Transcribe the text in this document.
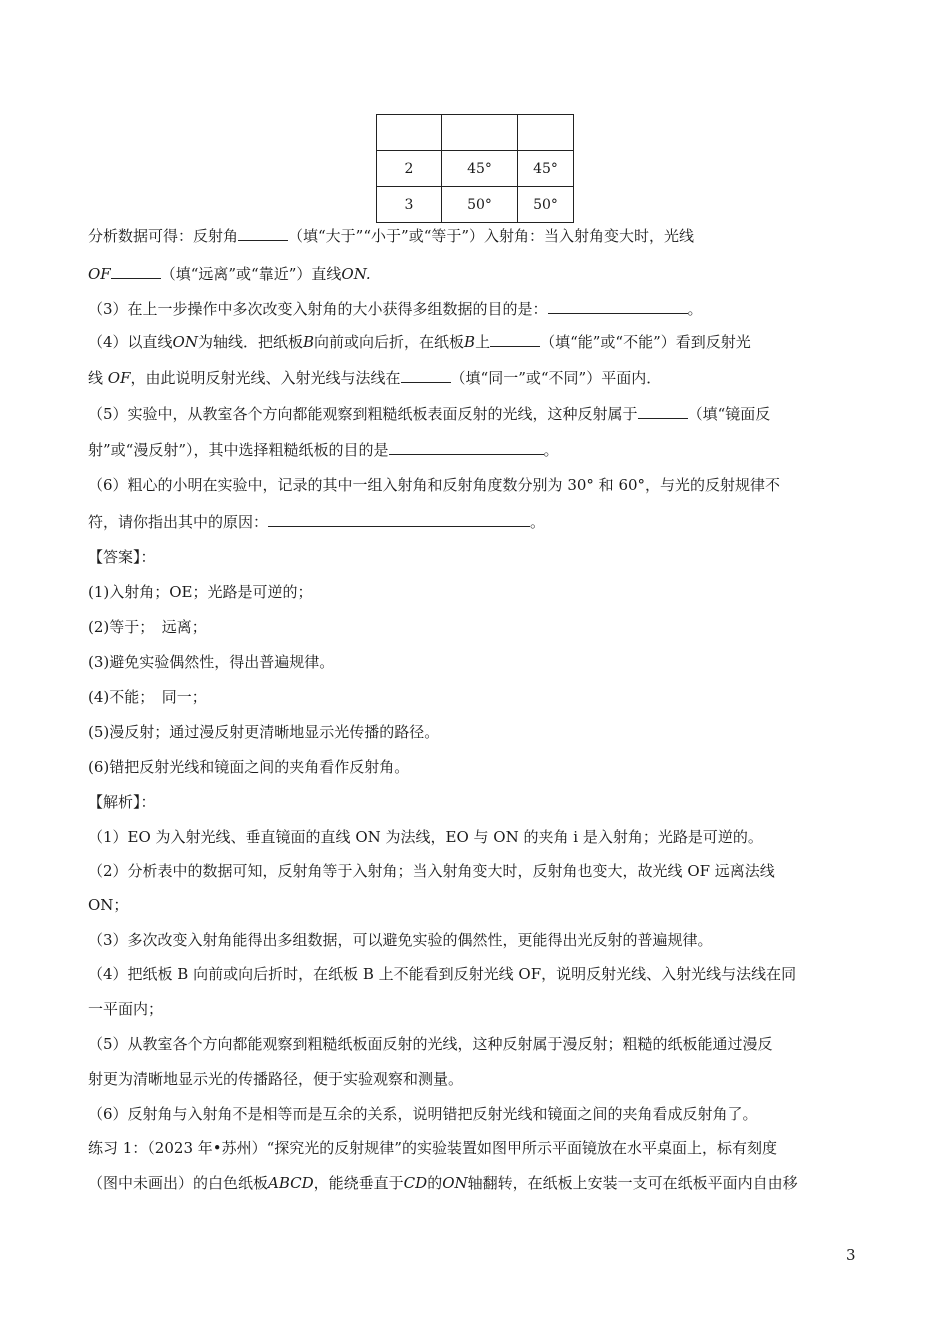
2	45°	45°
3	50°	50°
分析数据可得：反射角	（填“大于”“小于”或“等于”）入射角：当入射角变大时，光线
OF	（填“远离”或“靠近”）直线ON.
（3）在上一步操作中多次改变入射角的大小获得多组数据的目的是：	。
（4）以直线ON为轴线．把纸板B向前或向后折，在纸板B上	（填“能”或“不能”）看到反射光
线 OF，由此说明反射光线、入射光线与法线在	（填“同一”或“不同”）平面内．
（5）实验中，从教室各个方向都能观察到粗糙纸板表面反射的光线，这种反射属于	（填“镜面反
射”或“漫反射”），其中选择粗糙纸板的目的是	。
（6）粗心的小明在实验中，记录的其中一组入射角和反射角度数分别为 30° 和 60°，与光的反射规律不
符，请你指出其中的原因：	。
【答案】：
(1)入射角；OE；光路是可逆的；
(2)等于；　远离；
(3)避免实验偶然性，得出普遍规律。
(4)不能；　同一；
(5)漫反射；通过漫反射更清晰地显示光传播的路径。
(6)错把反射光线和镜面之间的夹角看作反射角。
【解析】：
（1）EO 为入射光线、垂直镜面的直线 ON 为法线，EO 与 ON 的夹角 i 是入射角；光路是可逆的。
（2）分析表中的数据可知，反射角等于入射角；当入射角变大时，反射角也变大，故光线 OF 远离法线
ON；
（3）多次改变入射角能得出多组数据，可以避免实验的偶然性，更能得出光反射的普遍规律。
（4）把纸板 B 向前或向后折时，在纸板 B 上不能看到反射光线 OF，说明反射光线、入射光线与法线在同
一平面内；
（5）从教室各个方向都能观察到粗糙纸板面反射的光线，这种反射属于漫反射；粗糙的纸板能通过漫反
射更为清晰地显示光的传播路径，便于实验观察和测量。
（6）反射角与入射角不是相等而是互余的关系，说明错把反射光线和镜面之间的夹角看成反射角了。
练习 1：（2023 年•苏州）“探究光的反射规律”的实验装置如图甲所示平面镜放在水平桌面上，标有刻度
（图中未画出）的白色纸板ABCD，能绕垂直于CD的ON轴翻转，在纸板上安装一支可在纸板平面内自由移
3
